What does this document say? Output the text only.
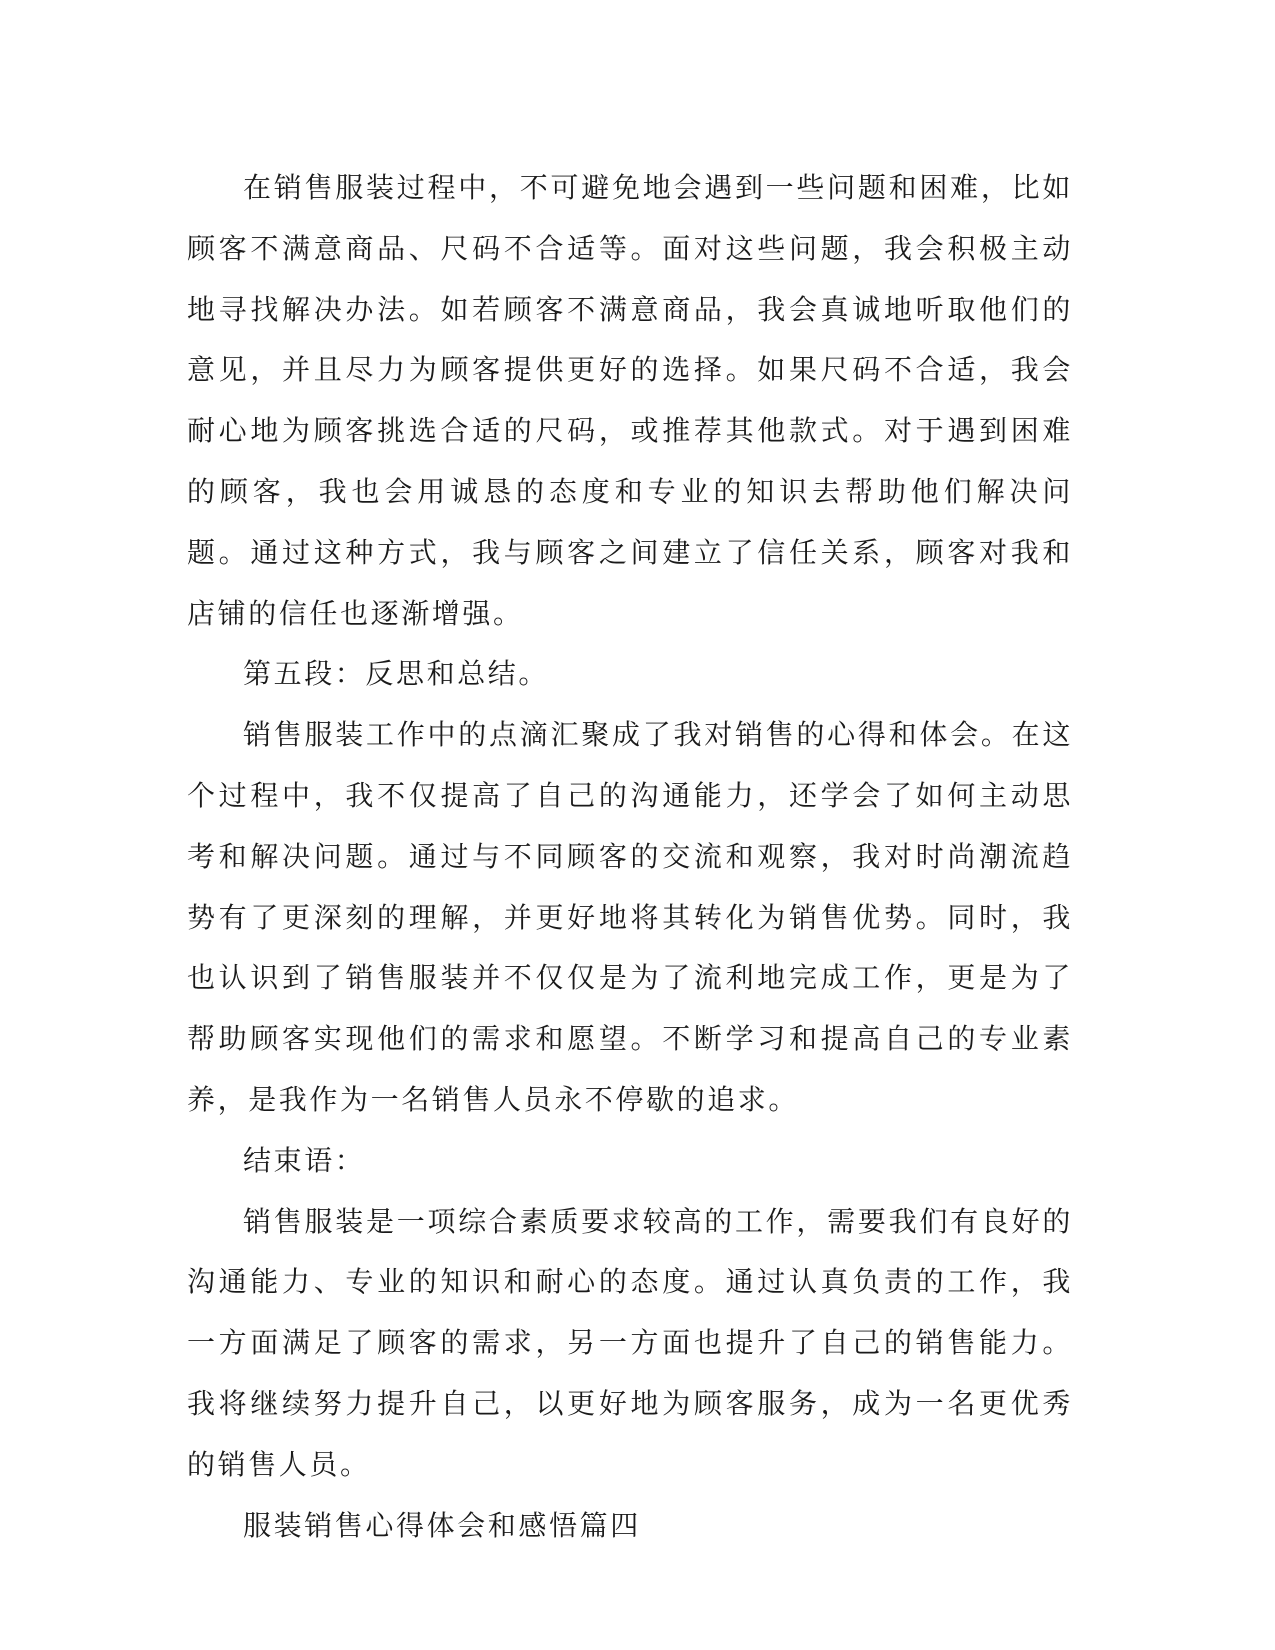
在销售服装过程中，不可避免地会遇到一些问题和困难，比如顾客不满意商品、尺码不合适等。面对这些问题，我会积极主动地寻找解决办法。如若顾客不满意商品，我会真诚地听取他们的意见，并且尽力为顾客提供更好的选择。如果尺码不合适，我会耐心地为顾客挑选合适的尺码，或推荐其他款式。对于遇到困难的顾客，我也会用诚恳的态度和专业的知识去帮助他们解决问题。通过这种方式，我与顾客之间建立了信任关系，顾客对我和店铺的信任也逐渐增强。

第五段：反思和总结。

销售服装工作中的点滴汇聚成了我对销售的心得和体会。在这个过程中，我不仅提高了自己的沟通能力，还学会了如何主动思考和解决问题。通过与不同顾客的交流和观察，我对时尚潮流趋势有了更深刻的理解，并更好地将其转化为销售优势。同时，我也认识到了销售服装并不仅仅是为了流利地完成工作，更是为了帮助顾客实现他们的需求和愿望。不断学习和提高自己的专业素养，是我作为一名销售人员永不停歇的追求。

结束语：

销售服装是一项综合素质要求较高的工作，需要我们有良好的沟通能力、专业的知识和耐心的态度。通过认真负责的工作，我一方面满足了顾客的需求，另一方面也提升了自己的销售能力。我将继续努力提升自己，以更好地为顾客服务，成为一名更优秀的销售人员。

服装销售心得体会和感悟篇四
